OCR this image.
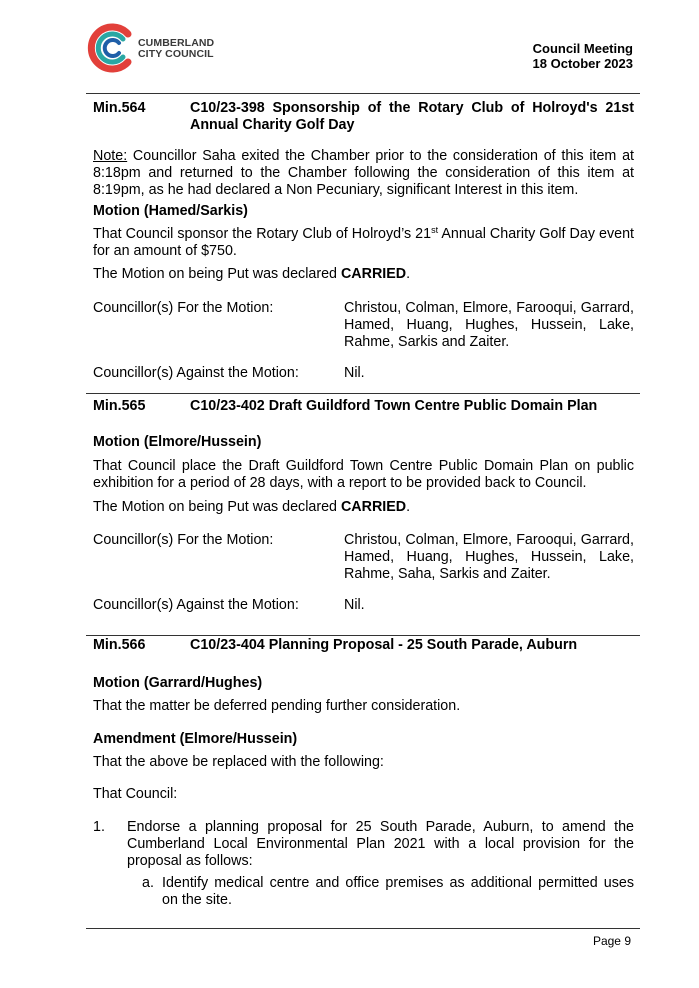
CUMBERLAND
CITY COUNCIL	Council Meeting
18 October 2023
Min.564	C10/23-398 Sponsorship of the Rotary Club of Holroyd's 21st Annual Charity Golf Day
Note: Councillor Saha exited the Chamber prior to the consideration of this item at 8:18pm and returned to the Chamber following the consideration of this item at 8:19pm, as he had declared a Non Pecuniary, significant Interest in this item.
Motion (Hamed/Sarkis)
That Council sponsor the Rotary Club of Holroyd’s 21st Annual Charity Golf Day event for an amount of $750.
The Motion on being Put was declared CARRIED.
Councillor(s) For the Motion:	Christou, Colman, Elmore, Farooqui, Garrard, Hamed, Huang, Hughes, Hussein, Lake, Rahme, Sarkis and Zaiter.
Councillor(s) Against the Motion:	Nil.
Min.565	C10/23-402 Draft Guildford Town Centre Public Domain Plan
Motion (Elmore/Hussein)
That Council place the Draft Guildford Town Centre Public Domain Plan on public exhibition for a period of 28 days, with a report to be provided back to Council.
The Motion on being Put was declared CARRIED.
Councillor(s) For the Motion:	Christou, Colman, Elmore, Farooqui, Garrard, Hamed, Huang, Hughes, Hussein, Lake, Rahme, Saha, Sarkis and Zaiter.
Councillor(s) Against the Motion:	Nil.
Min.566	C10/23-404 Planning Proposal - 25 South Parade, Auburn
Motion (Garrard/Hughes)
That the matter be deferred pending further consideration.
Amendment (Elmore/Hussein)
That the above be replaced with the following:
That Council:
1. Endorse a planning proposal for 25 South Parade, Auburn, to amend the Cumberland Local Environmental Plan 2021 with a local provision for the proposal as follows:
a. Identify medical centre and office premises as additional permitted uses on the site.
Page 9
